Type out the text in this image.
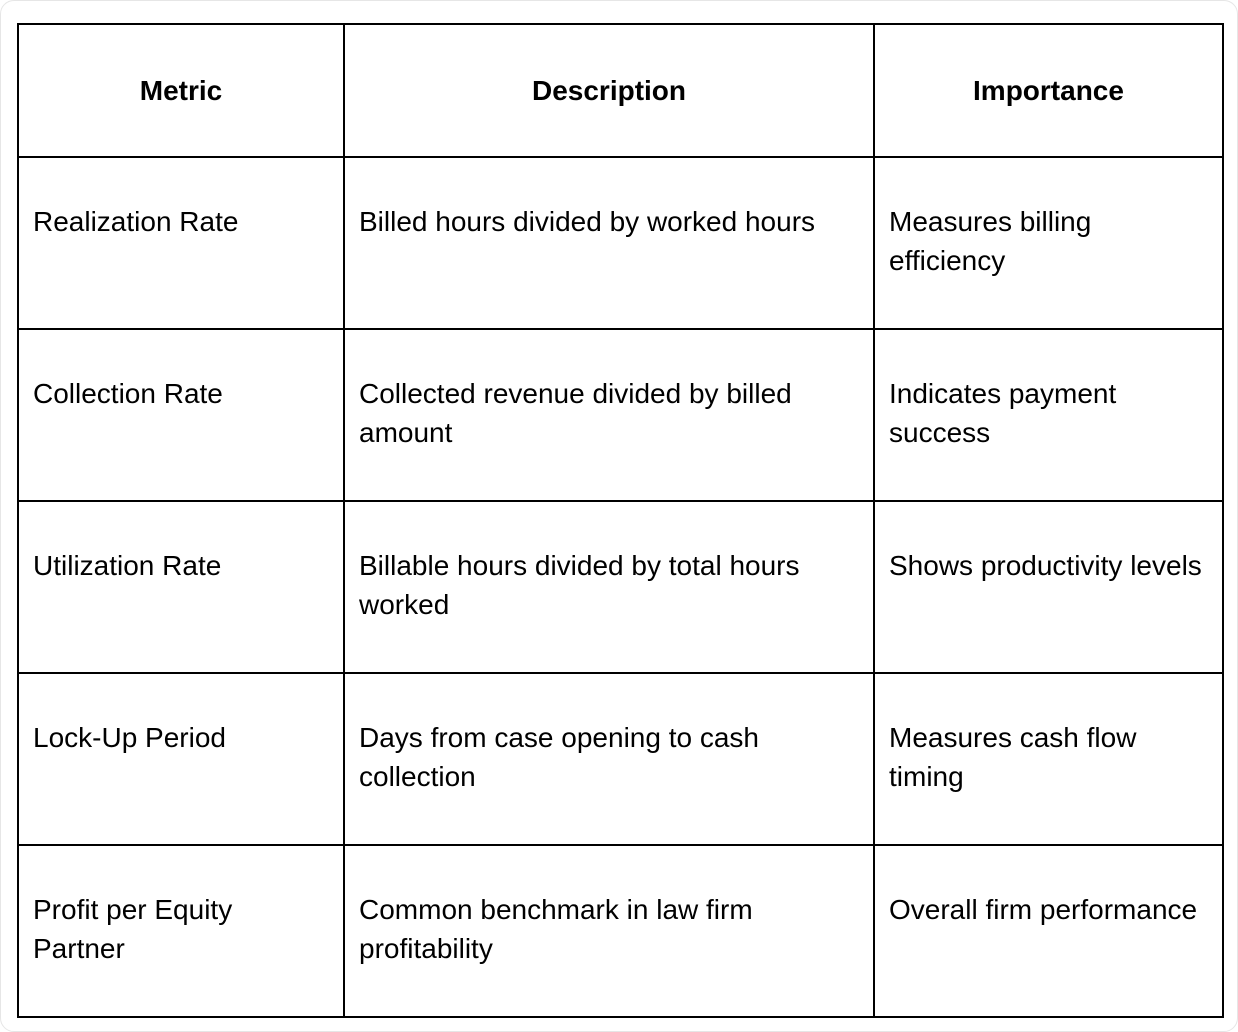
Metric	Description	Importance
Realization Rate	Billed hours divided by worked hours	Measures billing efficiency
Collection Rate	Collected revenue divided by billed amount	Indicates payment success
Utilization Rate	Billable hours divided by total hours worked	Shows productivity levels
Lock-Up Period	Days from case opening to cash collection	Measures cash flow timing
Profit per Equity Partner	Common benchmark in law firm profitability	Overall firm performance
